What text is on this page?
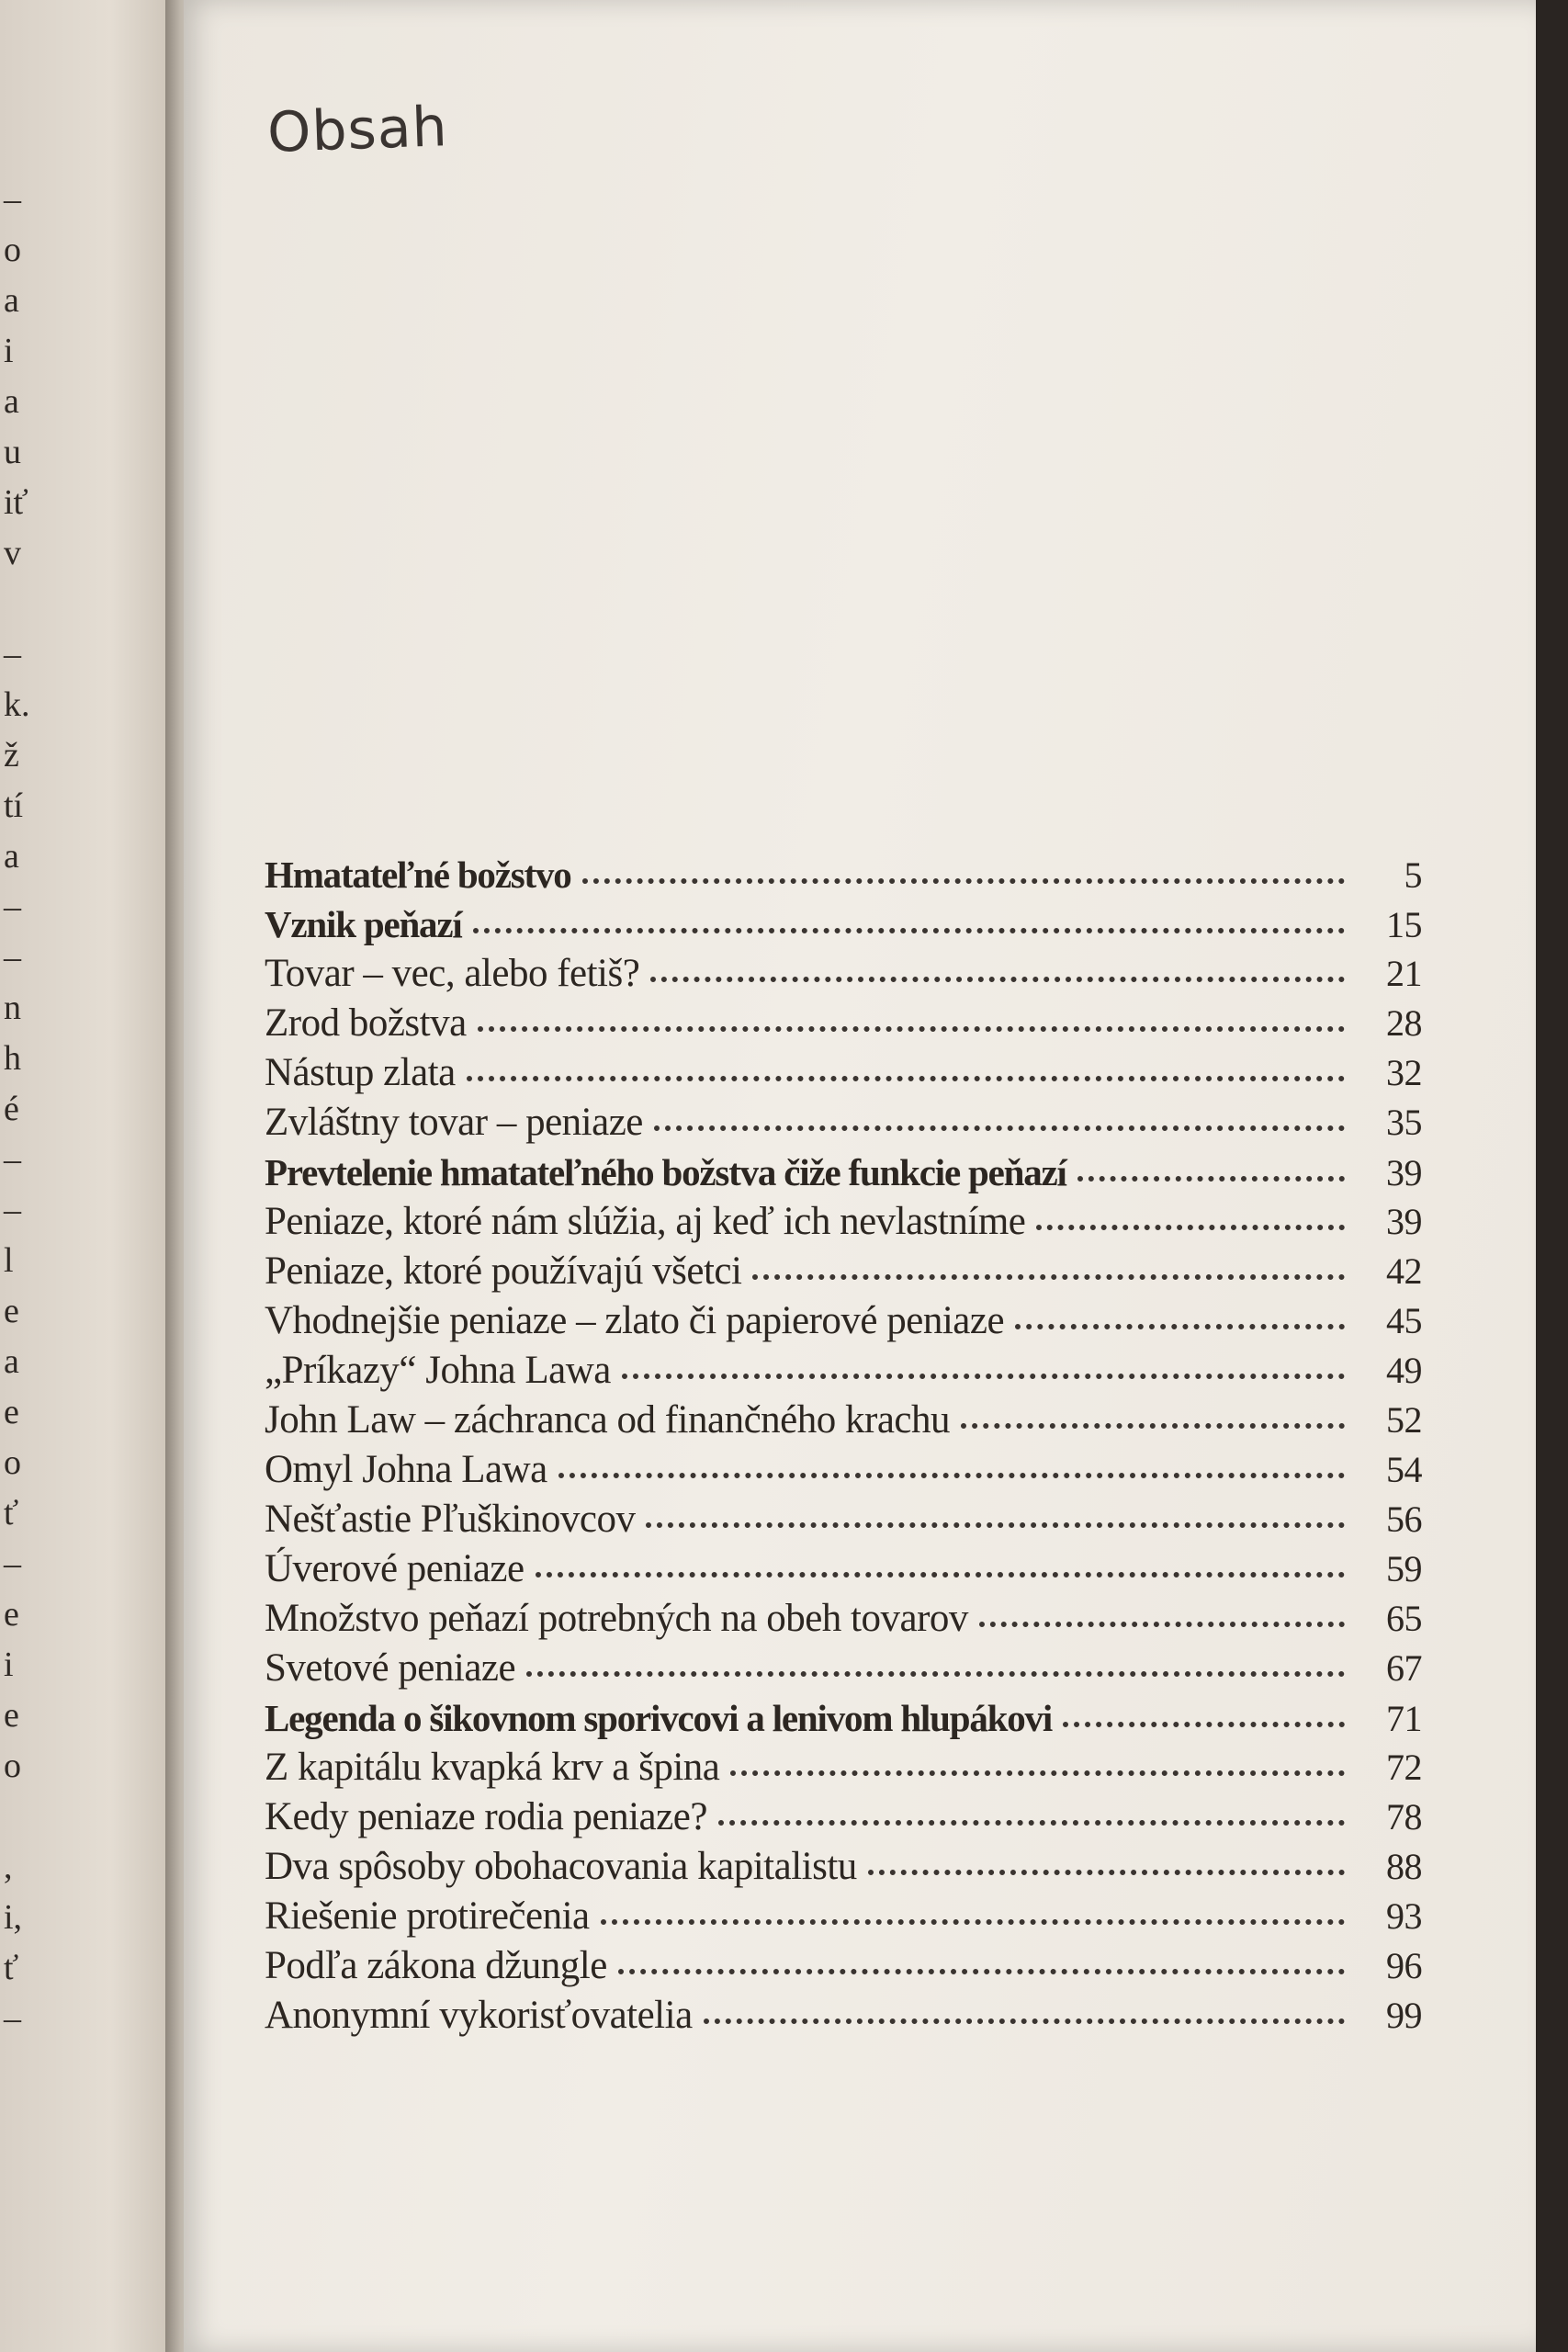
–
o
a
i
a
u
iť
v
–
k.
ž
tí
a
–
–
n
h
é
–
–
l
e
a
e
o
ť
–
e
i
e
o
,
i,
ť
–
Obsah
Hmatateľné božstvo	5
Vznik peňazí	15
Tovar – vec, alebo fetiš?	21
Zrod božstva	28
Nástup zlata	32
Zvláštny tovar – peniaze	35
Prevtelenie hmatateľného božstva čiže funkcie peňazí	39
Peniaze, ktoré nám slúžia, aj keď ich nevlastníme	39
Peniaze, ktoré používajú všetci	42
Vhodnejšie peniaze – zlato či papierové peniaze	45
„Príkazy“ Johna Lawa	49
John Law – záchranca od finančného krachu	52
Omyl Johna Lawa	54
Nešťastie Pľuškinovcov	56
Úverové peniaze	59
Množstvo peňazí potrebných na obeh tovarov	65
Svetové peniaze	67
Legenda o šikovnom sporivcovi a lenivom hlupákovi	71
Z kapitálu kvapká krv a špina	72
Kedy peniaze rodia peniaze?	78
Dva spôsoby obohacovania kapitalistu	88
Riešenie protirečenia	93
Podľa zákona džungle	96
Anonymní vykorisťovatelia	99
